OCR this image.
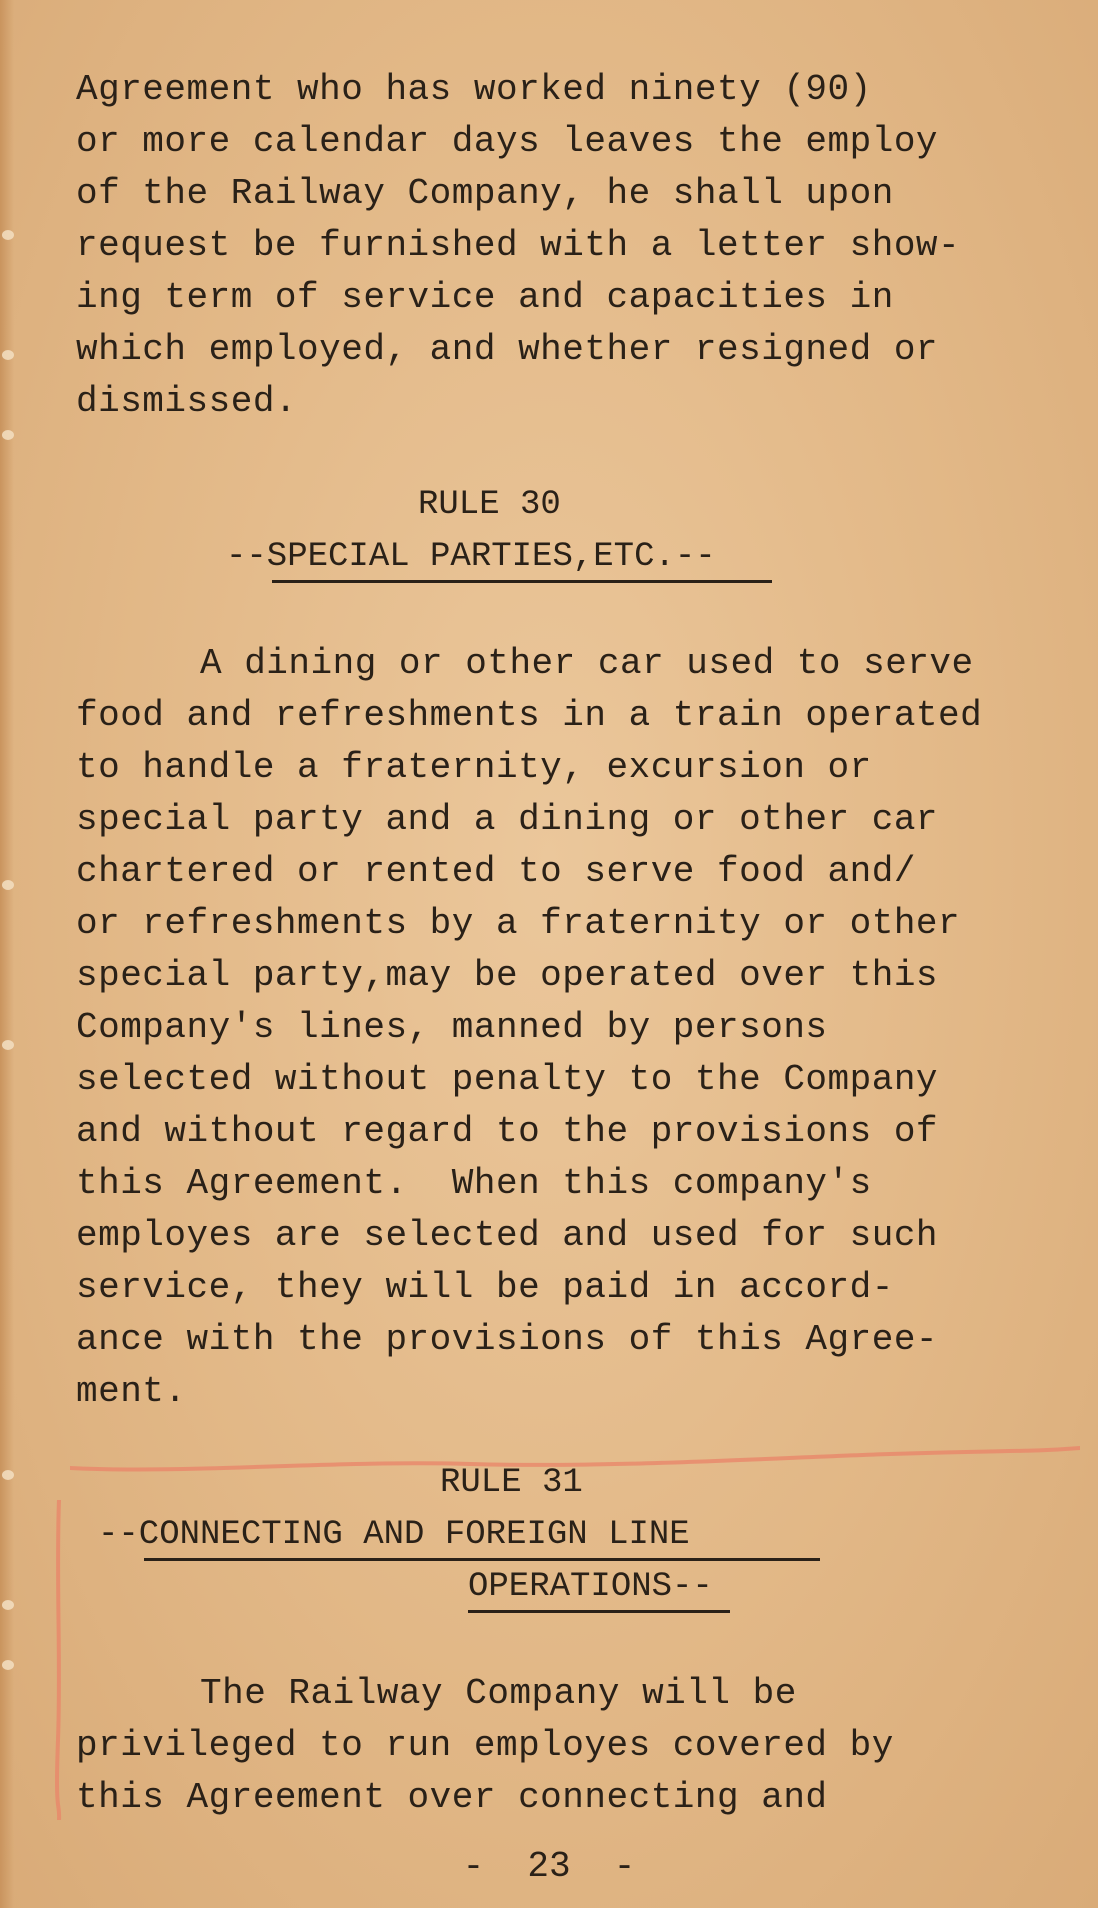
Agreement who has worked ninety (90)
or more calendar days leaves the employ
of the Railway Company, he shall upon
request be furnished with a letter show-
ing term of service and capacities in
which employed, and whether resigned or
dismissed.
RULE 30
--SPECIAL PARTIES,ETC.--
A dining or other car used to serve
food and refreshments in a train operated
to handle a fraternity, excursion or
special party and a dining or other car
chartered or rented to serve food and/
or refreshments by a fraternity or other
special party,may be operated over this
Company's lines, manned by persons
selected without penalty to the Company
and without regard to the provisions of
this Agreement.  When this company's
employes are selected and used for such
service, they will be paid in accord-
ance with the provisions of this Agree-
ment.
RULE 31
--CONNECTING AND FOREIGN LINE
OPERATIONS--
The Railway Company will be
privileged to run employes covered by
this Agreement over connecting and
-  23  -
